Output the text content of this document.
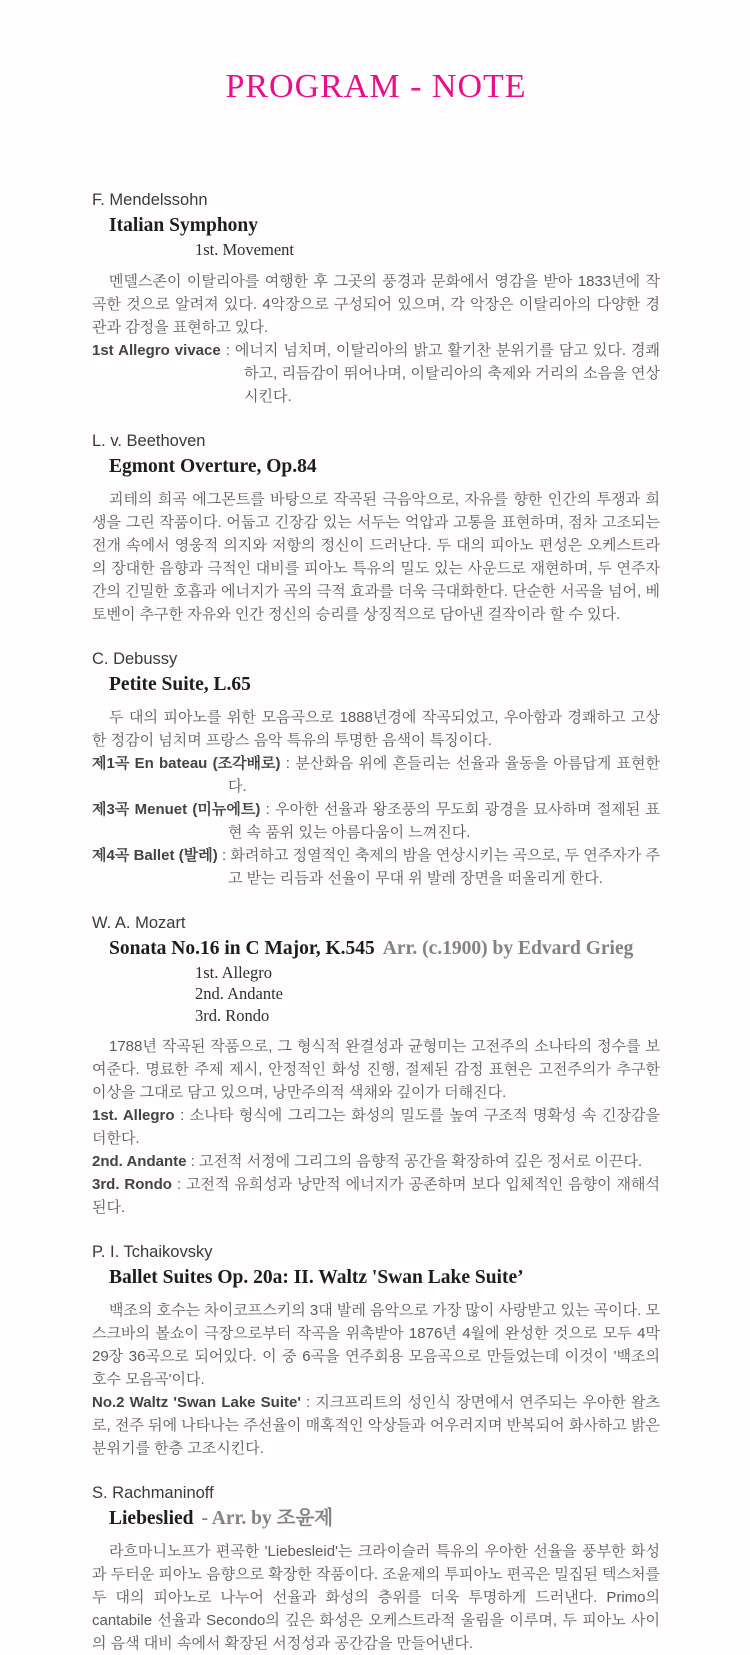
PROGRAM - NOTE

F. Mendelssohn

Italian Symphony

1st. Movement

멘델스존이 이탈리아를 여행한 후 그곳의 풍경과 문화에서 영감을 받아 1833년에 작곡한 것으로 알려져 있다. 4악장으로 구성되어 있으며, 각 악장은 이탈리아의 다양한 경관과 감정을 표현하고 있다.

1st Allegro vivace : 에너지 넘치며, 이탈리아의 밝고 활기찬 분위기를 담고 있다. 경쾌하고, 리듬감이 뛰어나며, 이탈리아의 축제와 거리의 소음을 연상시킨다.

L. v. Beethoven

Egmont Overture, Op.84

괴테의 희곡 에그몬트를 바탕으로 작곡된 극음악으로, 자유를 향한 인간의 투쟁과 희생을 그린 작품이다. 어둡고 긴장감 있는 서두는 억압과 고통을 표현하며, 점차 고조되는 전개 속에서 영웅적 의지와 저항의 정신이 드러난다. 두 대의 피아노 편성은 오케스트라의 장대한 음향과 극적인 대비를 피아노 특유의 밀도 있는 사운드로 재현하며, 두 연주자 간의 긴밀한 호흡과 에너지가 곡의 극적 효과를 더욱 극대화한다. 단순한 서곡을 넘어, 베토벤이 추구한 자유와 인간 정신의 승리를 상징적으로 담아낸 걸작이라 할 수 있다.

C. Debussy

Petite Suite, L.65

두 대의 피아노를 위한 모음곡으로 1888년경에 작곡되었고, 우아함과 경쾌하고 고상한 정감이 넘치며 프랑스 음악 특유의 투명한 음색이 특징이다.

제1곡 En bateau (조각배로) : 분산화음 위에 흔들리는 선율과 율동을 아름답게 표현한다.

제3곡 Menuet (미뉴에트) : 우아한 선율과 왕조풍의 무도회 광경을 묘사하며 절제된 표현 속 품위 있는 아름다움이 느껴진다.

제4곡 Ballet (발레) : 화려하고 정열적인 축제의 밤을 연상시키는 곡으로, 두 연주자가 주고 받는 리듬과 선율이 무대 위 발레 장면을 떠올리게 한다.

W. A. Mozart

Sonata No.16 in C Major, K.545 Arr. (c.1900) by Edvard Grieg

1st. Allegro

2nd. Andante

3rd. Rondo

1788년 작곡된 작품으로, 그 형식적 완결성과 균형미는 고전주의 소나타의 정수를 보여준다. 명료한 주제 제시, 안정적인 화성 진행, 절제된 감정 표현은 고전주의가 추구한 이상을 그대로 담고 있으며, 낭만주의적 색채와 깊이가 더해진다.

1st. Allegro : 소나타 형식에 그리그는 화성의 밀도를 높여 구조적 명확성 속 긴장감을 더한다.

2nd. Andante : 고전적 서정에 그리그의 음향적 공간을 확장하여 깊은 정서로 이끈다.

3rd. Rondo : 고전적 유희성과 낭만적 에너지가 공존하며 보다 입체적인 음향이 재해석된다.

P. I. Tchaikovsky

Ballet Suites Op. 20a: II. Waltz 'Swan Lake Suite’

백조의 호수는 차이코프스키의 3대 발레 음악으로 가장 많이 사랑받고 있는 곡이다. 모스크바의 볼쇼이 극장으로부터 작곡을 위촉받아 1876년 4월에 완성한 것으로 모두 4막 29장 36곡으로 되어있다. 이 중 6곡을 연주회용 모음곡으로 만들었는데 이것이 '백조의 호수 모음곡'이다.

No.2 Waltz 'Swan Lake Suite' : 지크프리트의 성인식 장면에서 연주되는 우아한 왈츠로, 전주 뒤에 나타나는 주선율이 매혹적인 악상들과 어우러지며 반복되어 화사하고 밝은 분위기를 한층 고조시킨다.

S. Rachmaninoff

Liebeslied - Arr. by 조윤제

라흐마니노프가 편곡한 'Liebesleid'는 크라이슬러 특유의 우아한 선율을 풍부한 화성과 두터운 피아노 음향으로 확장한 작품이다. 조윤제의 투피아노 편곡은 밀집된 텍스처를 두 대의 피아노로 나누어 선율과 화성의 층위를 더욱 투명하게 드러낸다. Primo의 cantabile 선율과 Secondo의 깊은 화성은 오케스트라적 울림을 이루며, 두 피아노 사이의 음색 대비 속에서 확장된 서정성과 공간감을 만들어낸다.
